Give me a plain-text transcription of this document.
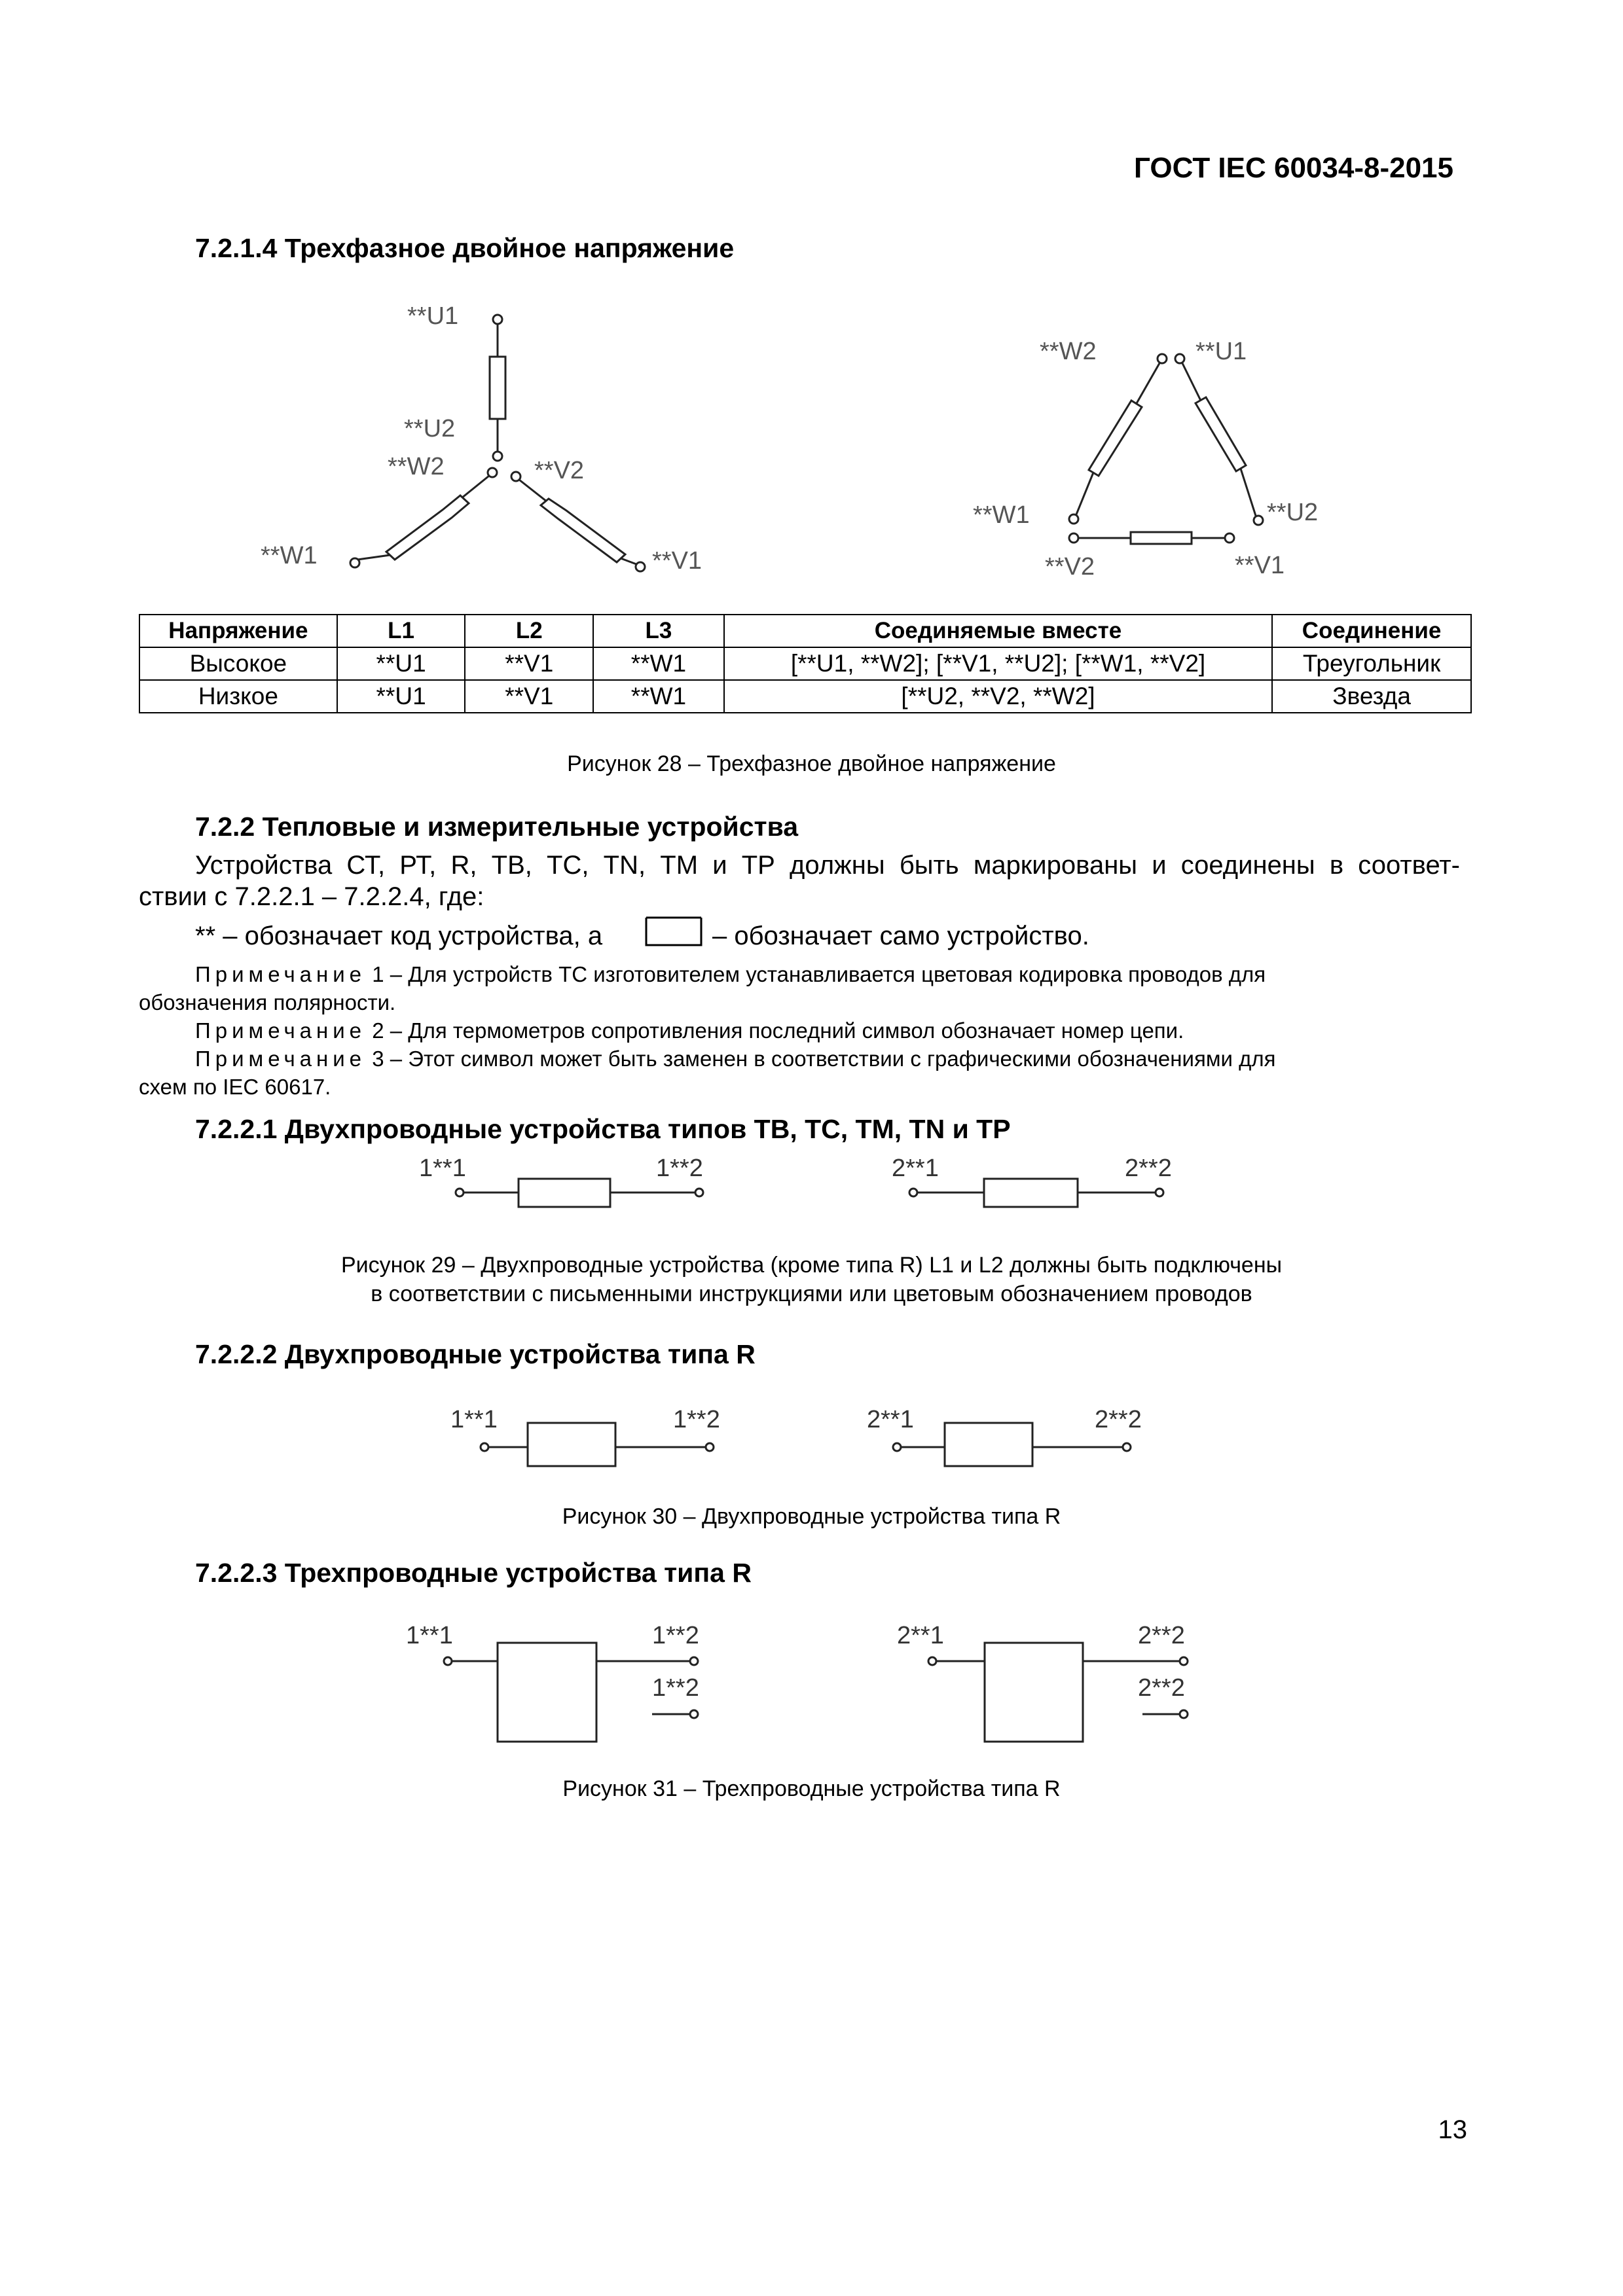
ГОСТ IEC 60034-8-2015
7.2.1.4 Трехфазное двойное напряжение
**U1
**U2
**W2	**V2
**W1	**V1
**W2	**U1
**W1	**U2
**V2	**V1
Напряжение	L1	L2	L3	Соединяемые вместе	Соединение
Высокое	**U1	**V1	**W1	[**U1, **W2]; [**V1, **U2]; [**W1, **V2]	Треугольник
Низкое	**U1	**V1	**W1	[**U2, **V2, **W2]	Звезда
Рисунок 28 – Трехфазное двойное напряжение
7.2.2 Тепловые и измерительные устройства
Устройства СТ, РТ, R, ТВ, ТС, TN, ТМ и ТР должны быть маркированы и соединены в соответ-
ствии с 7.2.2.1 – 7.2.2.4, где:
** – обозначает код устройства, а	– обозначает само устройство.
Примечание 1 – Для устройств ТС изготовителем устанавливается цветовая кодировка проводов для
обозначения полярности.
Примечание 2 – Для термометров сопротивления последний символ обозначает номер цепи.
Примечание 3 – Этот символ может быть заменен в соответствии с графическими обозначениями для
схем по IEC 60617.
7.2.2.1 Двухпроводные устройства типов ТВ, ТС, ТМ, TN и ТР
1**1	1**2	2**1	2**2
Рисунок 29 – Двухпроводные устройства (кроме типа R) L1 и L2 должны быть подключены
в соответствии с письменными инструкциями или цветовым обозначением проводов
7.2.2.2 Двухпроводные устройства типа R
1**1	1**2	2**1	2**2
Рисунок 30 – Двухпроводные устройства типа R
7.2.2.3 Трехпроводные устройства типа R
1**1	1**2
1**2
2**1	2**2
2**2
Рисунок 31 – Трехпроводные устройства типа R
13
